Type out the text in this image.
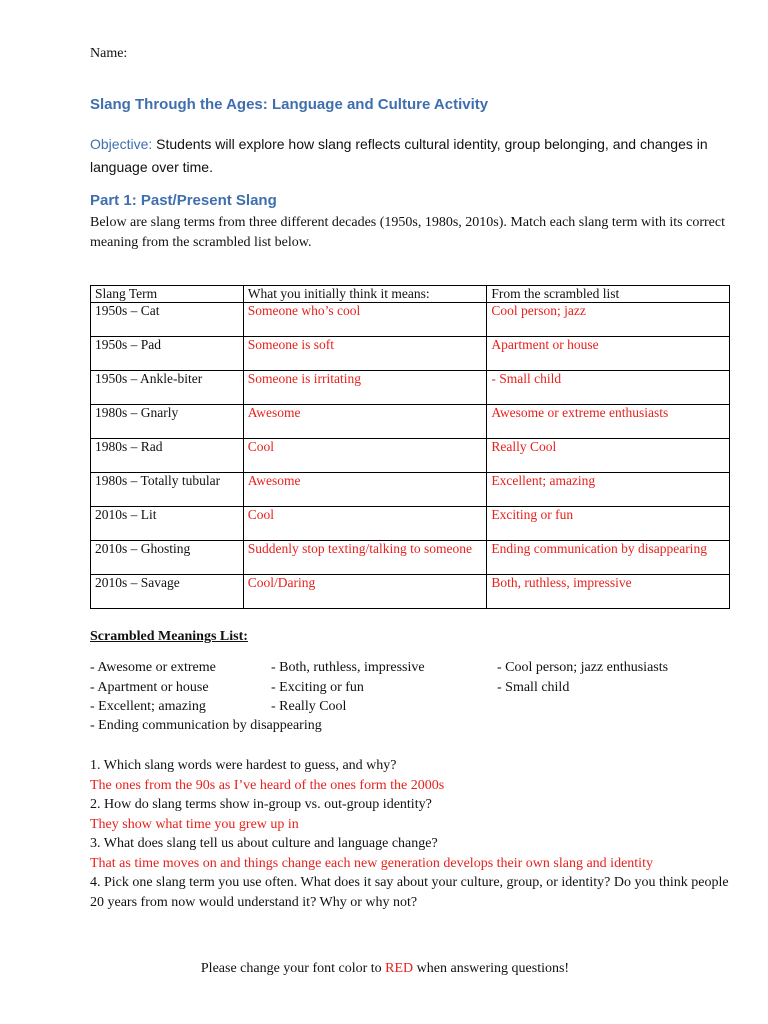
Name:
Slang Through the Ages: Language and Culture Activity
Objective: Students will explore how slang reflects cultural identity, group belonging, and changes in language over time.
Part 1: Past/Present Slang
Below are slang terms from three different decades (1950s, 1980s, 2010s). Match each slang term with its correct meaning from the scrambled list below.
Slang Term	What you initially think it means:	From the scrambled list
1950s – Cat	Someone who’s cool	Cool person; jazz
1950s – Pad	Someone is soft	Apartment or house
1950s – Ankle-biter	Someone is irritating	- Small child
1980s – Gnarly	Awesome	Awesome or extreme enthusiasts
1980s – Rad	Cool	Really Cool
1980s – Totally tubular	Awesome	Excellent; amazing
2010s – Lit	Cool	Exciting or fun
2010s – Ghosting	Suddenly stop texting/talking to someone	Ending communication by disappearing
2010s – Savage	Cool/Daring	Both, ruthless, impressive
Scrambled Meanings List:
- Awesome or extreme	- Both, ruthless, impressive	- Cool person; jazz enthusiasts
- Apartment or house	- Exciting or fun	- Small child
- Excellent; amazing	- Really Cool
- Ending communication by disappearing

1. Which slang words were hardest to guess, and why?

The ones from the 90s as I’ve heard of the ones form the 2000s

2. How do slang terms show in-group vs. out-group identity?

They show what time you grew up in

3. What does slang tell us about culture and language change?

That as time moves on and things change each new generation develops their own slang and identity

4. Pick one slang term you use often. What does it say about your culture, group, or identity? Do you think people 20 years from now would understand it? Why or why not?

Please change your font color to RED when answering questions!
